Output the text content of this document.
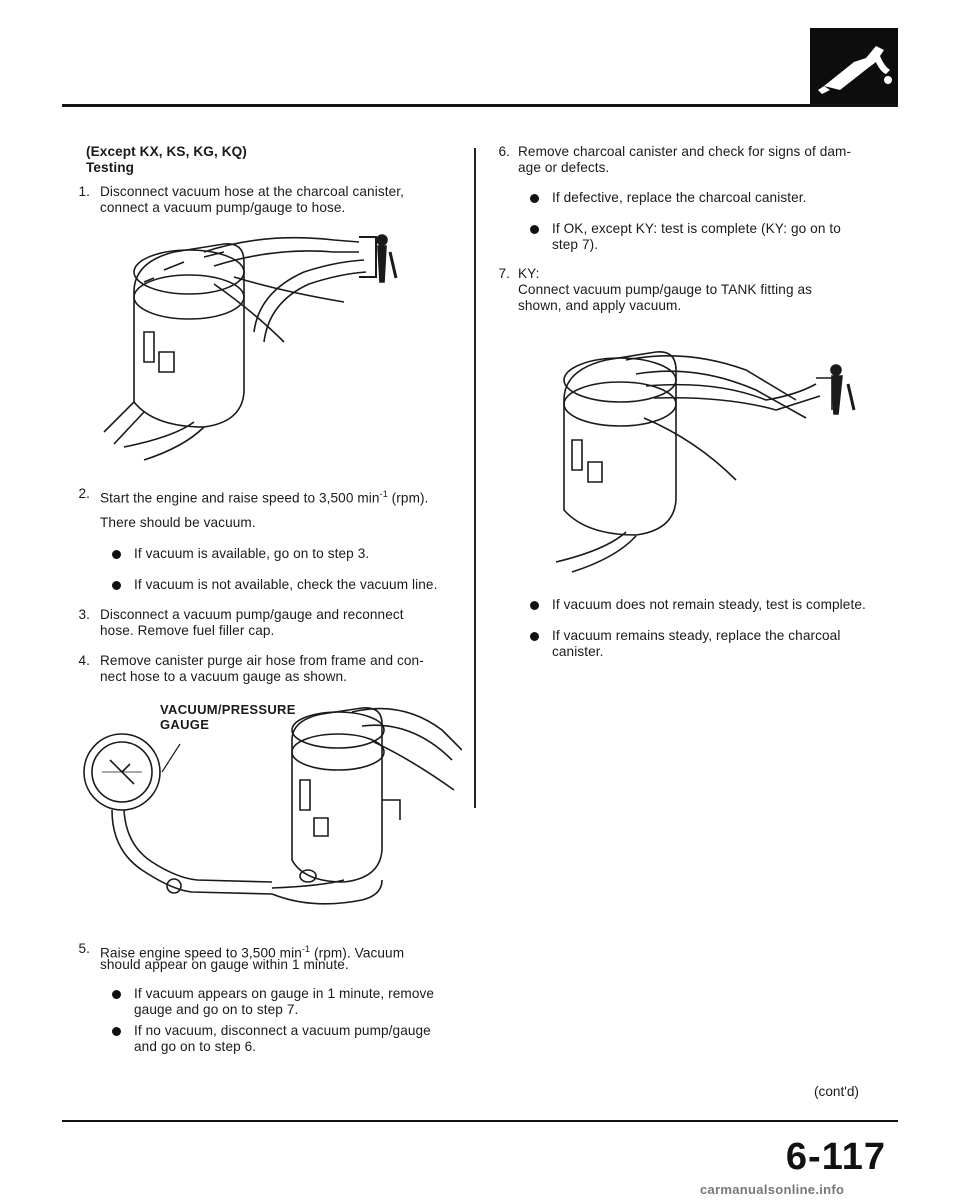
(Except KX, KS, KG, KQ)
Testing
1. Disconnect vacuum hose at the charcoal canister,
connect a vacuum pump/gauge to hose.
2. Start the engine and raise speed to 3,500 $\min^{-1} (rpm)$.
There should be vacuum.
If vacuum is available, go on to step 3.
If vacuum is not available, check the vacuum line.
3. Disconnect a vacuum pump/gauge and reconnect
hose. Remove fuel filler cap.
4. Remove canister purge air hose from frame and con-
nect hose to a vacuum gauge as shown.
VACUUM/PRESSURE
GAUGE
5. Raise engine speed to 3,500 $\min^{-1} (rpm)$. Vacuum
should appear on gauge within 1 minute.
If vacuum appears on gauge in 1 minute, remove
gauge and go on to step 7.
If no vacuum, disconnect a vacuum pump/gauge
and go on to step 6.
6. Remove charcoal canister and check for signs of dam-
age or defects.
If defective, replace the charcoal canister.
If OK, except KY: test is complete (KY: go on to
step 7).
7. KY:
Connect vacuum pump/gauge to TANK fitting as
shown, and apply vacuum.
If vacuum does not remain steady, test is complete.
If vacuum remains steady, replace the charcoal
canister.
(cont'd)
6-117
carmanualsonline.info
